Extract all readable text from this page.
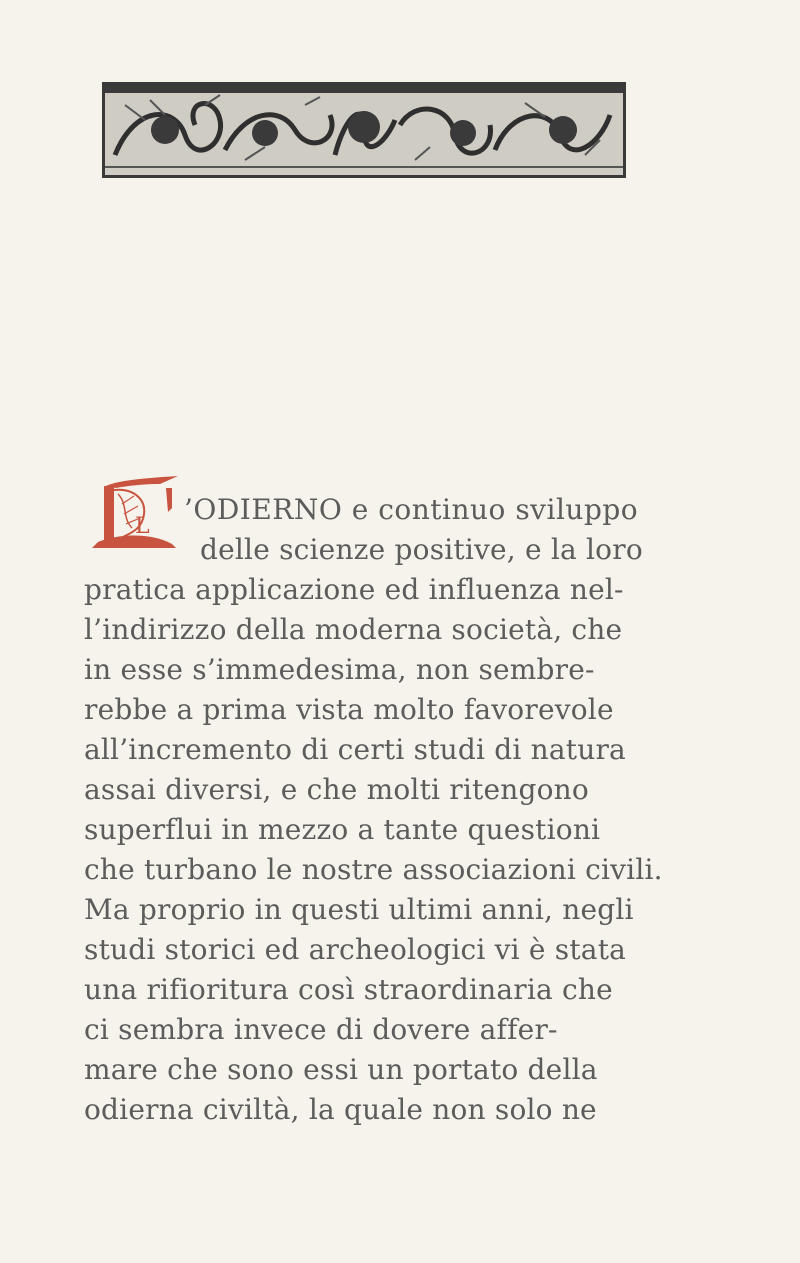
L
’ODIERNO e continuo sviluppo
delle scienze positive, e la loro
pratica applicazione ed influenza nel-
l’indirizzo della moderna società, che
in esse s’immedesima, non sembre-
rebbe a prima vista molto favorevole
all’incremento di certi studi di natura
assai diversi, e che molti ritengono
superflui in mezzo a tante questioni
che turbano le nostre associazioni civili.
Ma proprio in questi ultimi anni, negli
studi storici ed archeologici vi è stata
una rifioritura così straordinaria che
ci sembra invece di dovere affer-
mare che sono essi un portato della
odierna civiltà, la quale non solo ne
